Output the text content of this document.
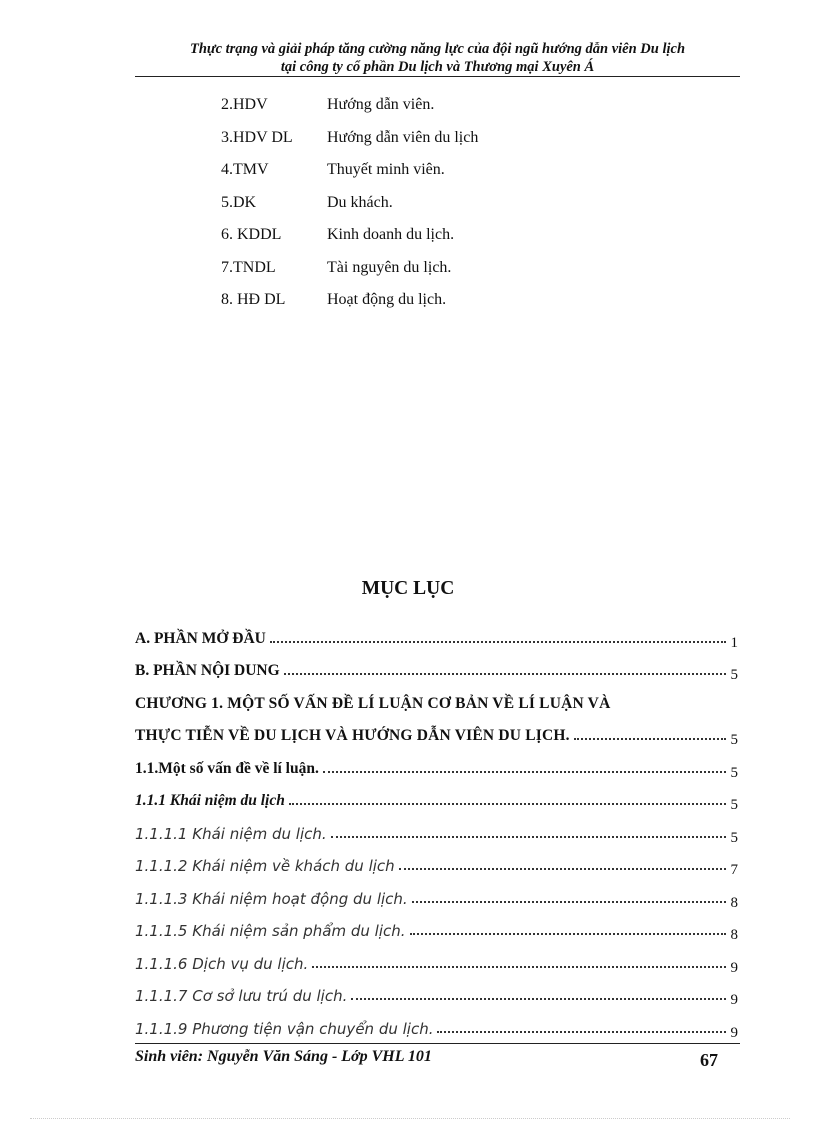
Thực trạng và giải pháp tăng cường năng lực của đội ngũ hướng dẫn viên Du lịch
tại công ty cổ phần Du lịch và Thương mại Xuyên Á
2.HDV	Hướng dẫn viên.
3.HDV DL	Hướng dẫn viên du lịch
4.TMV	Thuyết minh viên.
5.DK	Du khách.
6. KDDL	Kinh doanh du lịch.
7.TNDL	Tài nguyên du lịch.
8. HĐ DL	Hoạt động du lịch.
MỤC LỤC
A. PHẦN MỞ ĐẦU	1
B. PHẦN NỘI DUNG	5
CHƯƠNG 1. MỘT SỐ VẤN ĐỀ LÍ LUẬN CƠ BẢN VỀ LÍ LUẬN VÀ
THỰC TIỄN VỀ DU LỊCH VÀ HƯỚNG DẪN VIÊN DU LỊCH.	5
1.1.Một số vấn đề về lí luận.	5
1.1.1 Khái niệm du lịch	5
1.1.1.1 Khái niệm du lịch.	5
1.1.1.2 Khái niệm về khách du lịch	7
1.1.1.3 Khái niệm hoạt động du lịch.	8
1.1.1.5 Khái niệm sản phẩm du lịch.	8
1.1.1.6 Dịch vụ du lịch.	9
1.1.1.7 Cơ sở lưu trú du lịch.	9
1.1.1.9 Phương tiện vận chuyển du lịch.	9
Sinh viên: Nguyễn Văn Sáng - Lớp VHL 101	67
